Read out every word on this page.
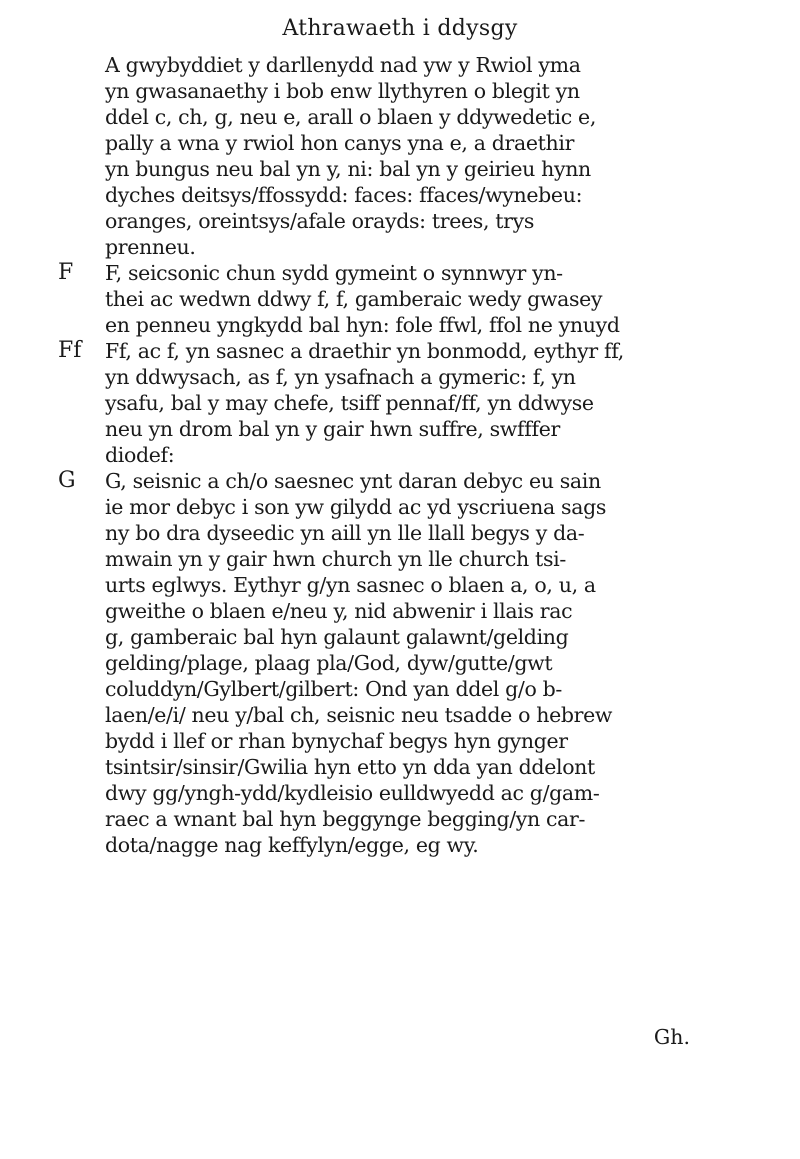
Athrawaeth i ddysgy
A gwybyddiet y darllenydd nad yw y Rwiol yma
yn gwasanaethy i bob enw llythyren o blegit yn
ddel c, ch, g, neu e, arall o blaen y ddywedetic e,
pally a wna y rwiol hon canys yna e, a draethir
yn bungus neu bal yn y, ni: bal yn y geirieu hynn
dyches deitsys/ffossydd: faces: ffaces/wynebeu:
oranges, oreintsys/afale orayds: trees, trys
prenneu.
F, seicsonic chun sydd gymeint o synnwyr yn-
thei ac wedwn ddwy f, f, gamberaic wedy gwasey
en penneu yngkydd bal hyn: fole ffwl, ffol ne ynuyd
Ff, ac f, yn sasnec a draethir yn bonmodd, eythyr ff,
yn ddwysach, as f, yn ysafnach a gymeric: f, yn
ysafu, bal y may chefe, tsiff pennaf/ff, yn ddwyse
neu yn drom bal yn y gair hwn suffre, swfffer
diodef:
G, seisnic a ch/o saesnec ynt daran debyc eu sain
ie mor debyc i son yw gilydd ac yd yscriuena sags
ny bo dra dyseedic yn aill yn lle llall begys y da-
mwain yn y gair hwn church yn lle church tsi-
urts eglwys. Eythyr g/yn sasnec o blaen a, o, u, a
gweithe o blaen e/neu y, nid abwenir i llais rac
g, gamberaic bal hyn galaunt galawnt/gelding
gelding/plage, plaag pla/God, dyw/gutte/gwt
coluddyn/Gylbert/gilbert: Ond yan ddel g/o b-
laen/e/i/ neu y/bal ch, seisnic neu tsadde o hebrew
bydd i llef or rhan bynychaf begys hyn gynger
tsintsir/sinsir/Gwilia hyn etto yn dda yan ddelont
dwy gg/yngh-ydd/kydleisio eulldwyedd ac g/gam-
raec a wnant bal hyn beggynge begging/yn car-
dota/nagge nag keffylyn/egge, eg wy.
F
Ff
G
Gh.
